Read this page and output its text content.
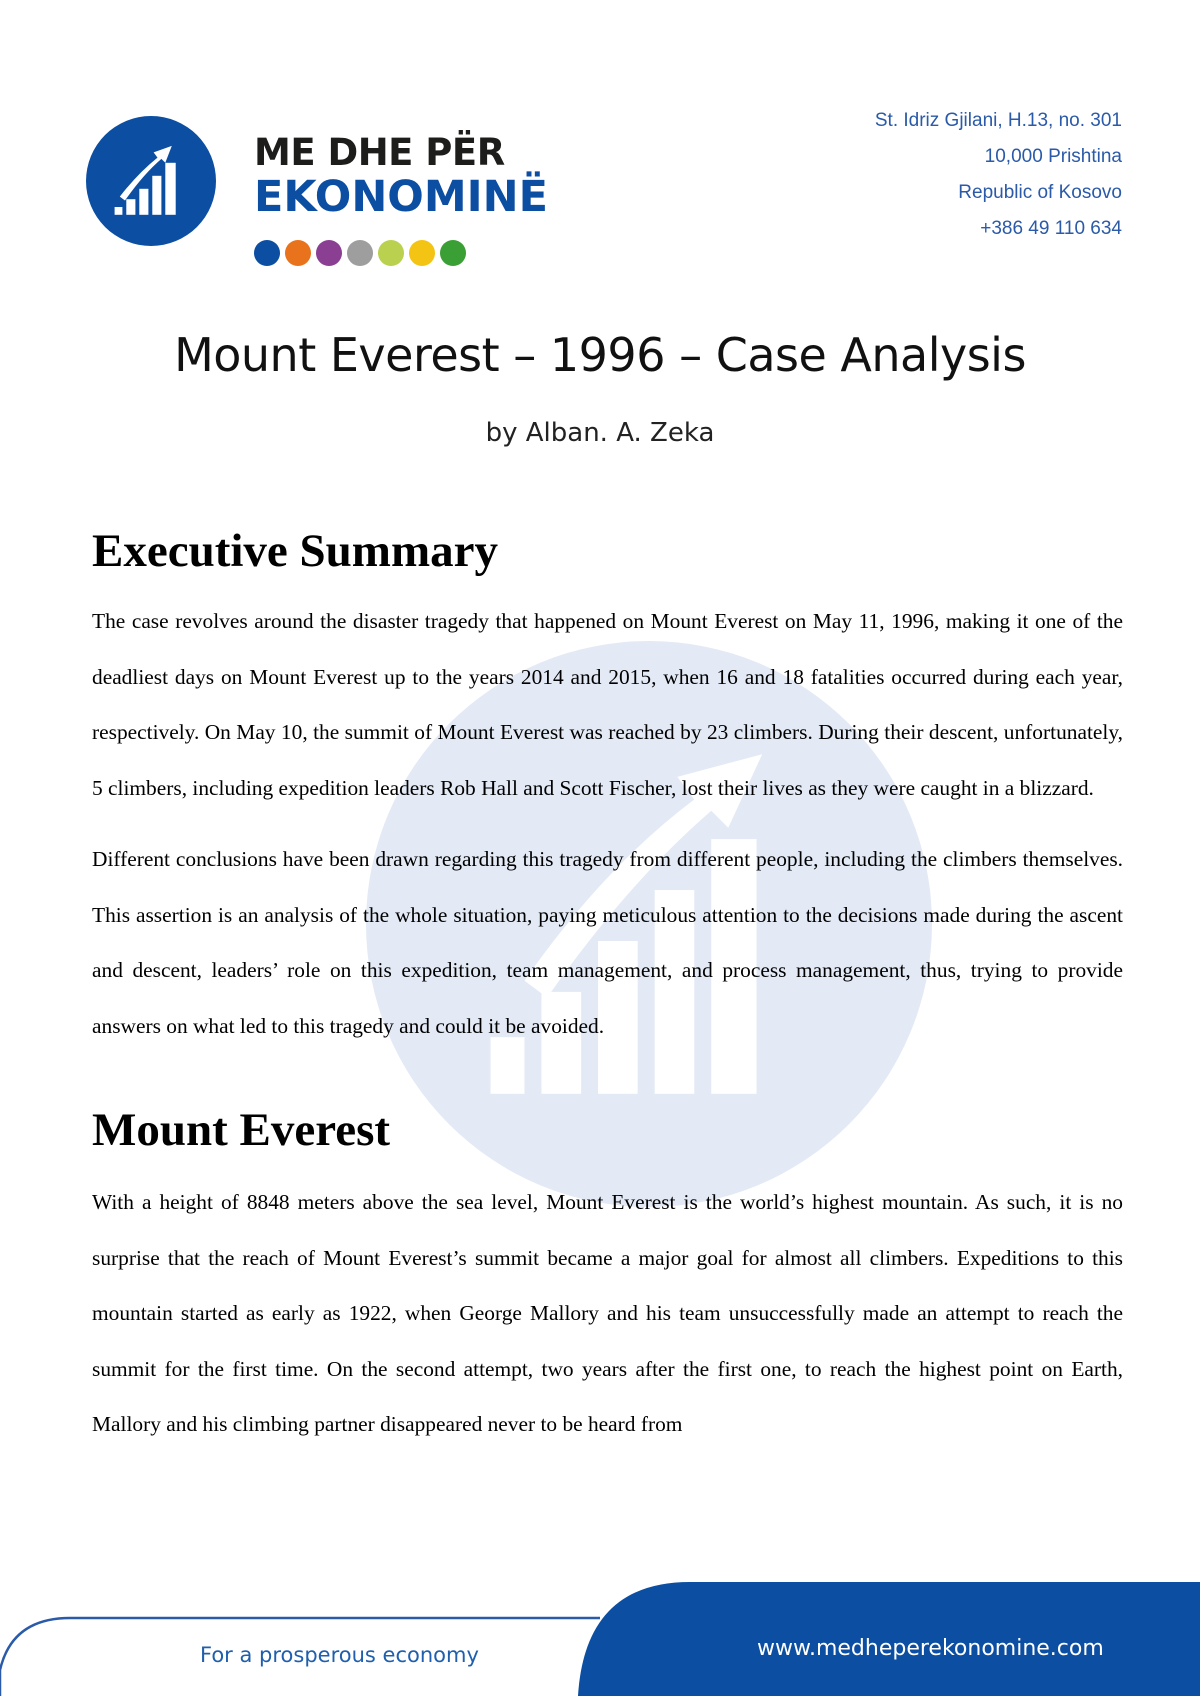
ME DHE PËR
EKONOMINË
St. Idriz Gjilani, H.13, no. 301
10,000 Prishtina
Republic of Kosovo
+386 49 110 634
Mount Everest – 1996 – Case Analysis
by Alban. A. Zeka
Executive Summary

The case revolves around the disaster tragedy that happened on Mount Everest on May 11, 1996, making it one of the deadliest days on Mount Everest up to the years 2014 and 2015, when 16 and 18 fatalities occurred during each year, respectively. On May 10, the summit of Mount Everest was reached by 23 climbers. During their descent, unfortunately, 5 climbers, including expedition leaders Rob Hall and Scott Fischer, lost their lives as they were caught in a blizzard.

Different conclusions have been drawn regarding this tragedy from different people, including the climbers themselves. This assertion is an analysis of the whole situation, paying meticulous attention to the decisions made during the ascent and descent, leaders’ role on this expedition, team management, and process management, thus, trying to provide answers on what led to this tragedy and could it be avoided.

Mount Everest

With a height of 8848 meters above the sea level, Mount Everest is the world’s highest mountain. As such, it is no surprise that the reach of Mount Everest’s summit became a major goal for almost all climbers. Expeditions to this mountain started as early as 1922, when George Mallory and his team unsuccessfully made an attempt to reach the summit for the first time. On the second attempt, two years after the first one, to reach the highest point on Earth, Mallory and his climbing partner disappeared never to be heard from

For a prosperous economy	www.medheperekonomine.com
